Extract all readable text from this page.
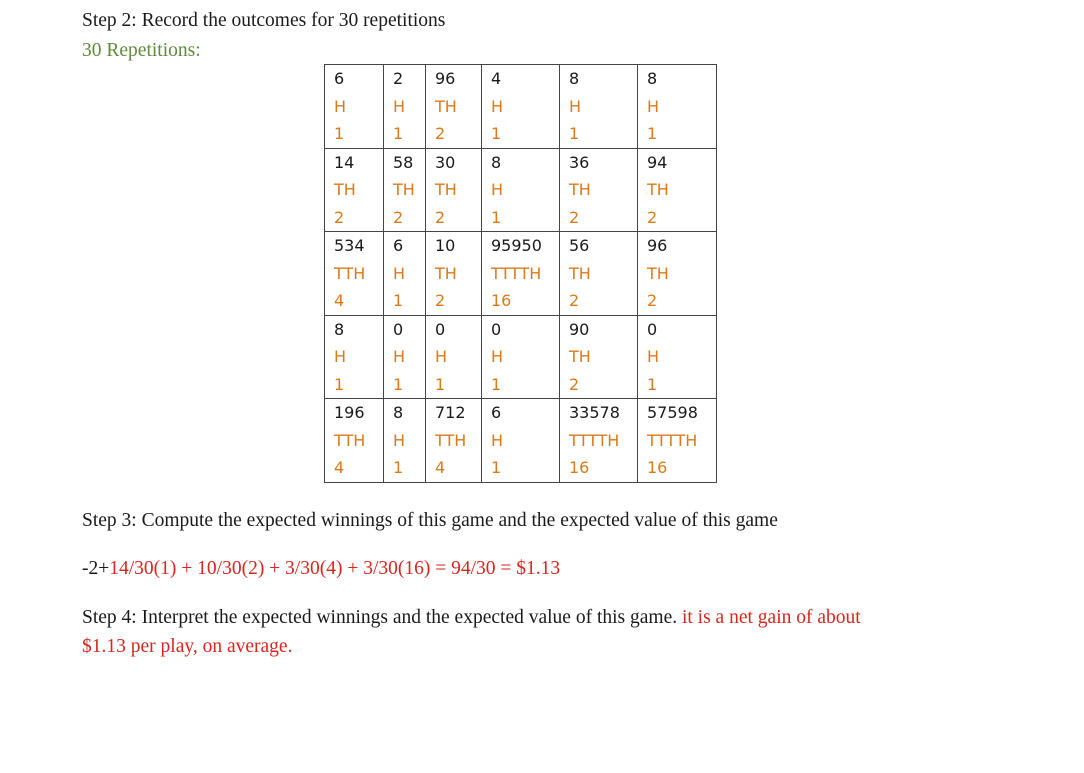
Step 2: Record the outcomes for 30 repetitions

30 Repetitions:

6
H
1	2
H
1	96
TH
2	4
H
1	8
H
1	8
H
1

14
TH
2	58
TH
2	30
TH
2	8
H
1	36
TH
2	94
TH
2

534
TTH
4	6
H
1	10
TH
2	95950
TTTTH
16	56
TH
2	96
TH
2

8
H
1	0
H
1	0
H
1	0
H
1	90
TH
2	0
H
1

196
TTH
4	8
H
1	712
TTH
4	6
H
1	33578
TTTTH
16	57598
TTTTH
16

Step 3: Compute the expected winnings of this game and the expected value of this game

-2+14/30(1) + 10/30(2) + 3/30(4) + 3/30(16) = 94/30 = $1.13

Step 4: Interpret the expected winnings and the expected value of this game. it is a net gain of about

$1.13 per play, on average.
